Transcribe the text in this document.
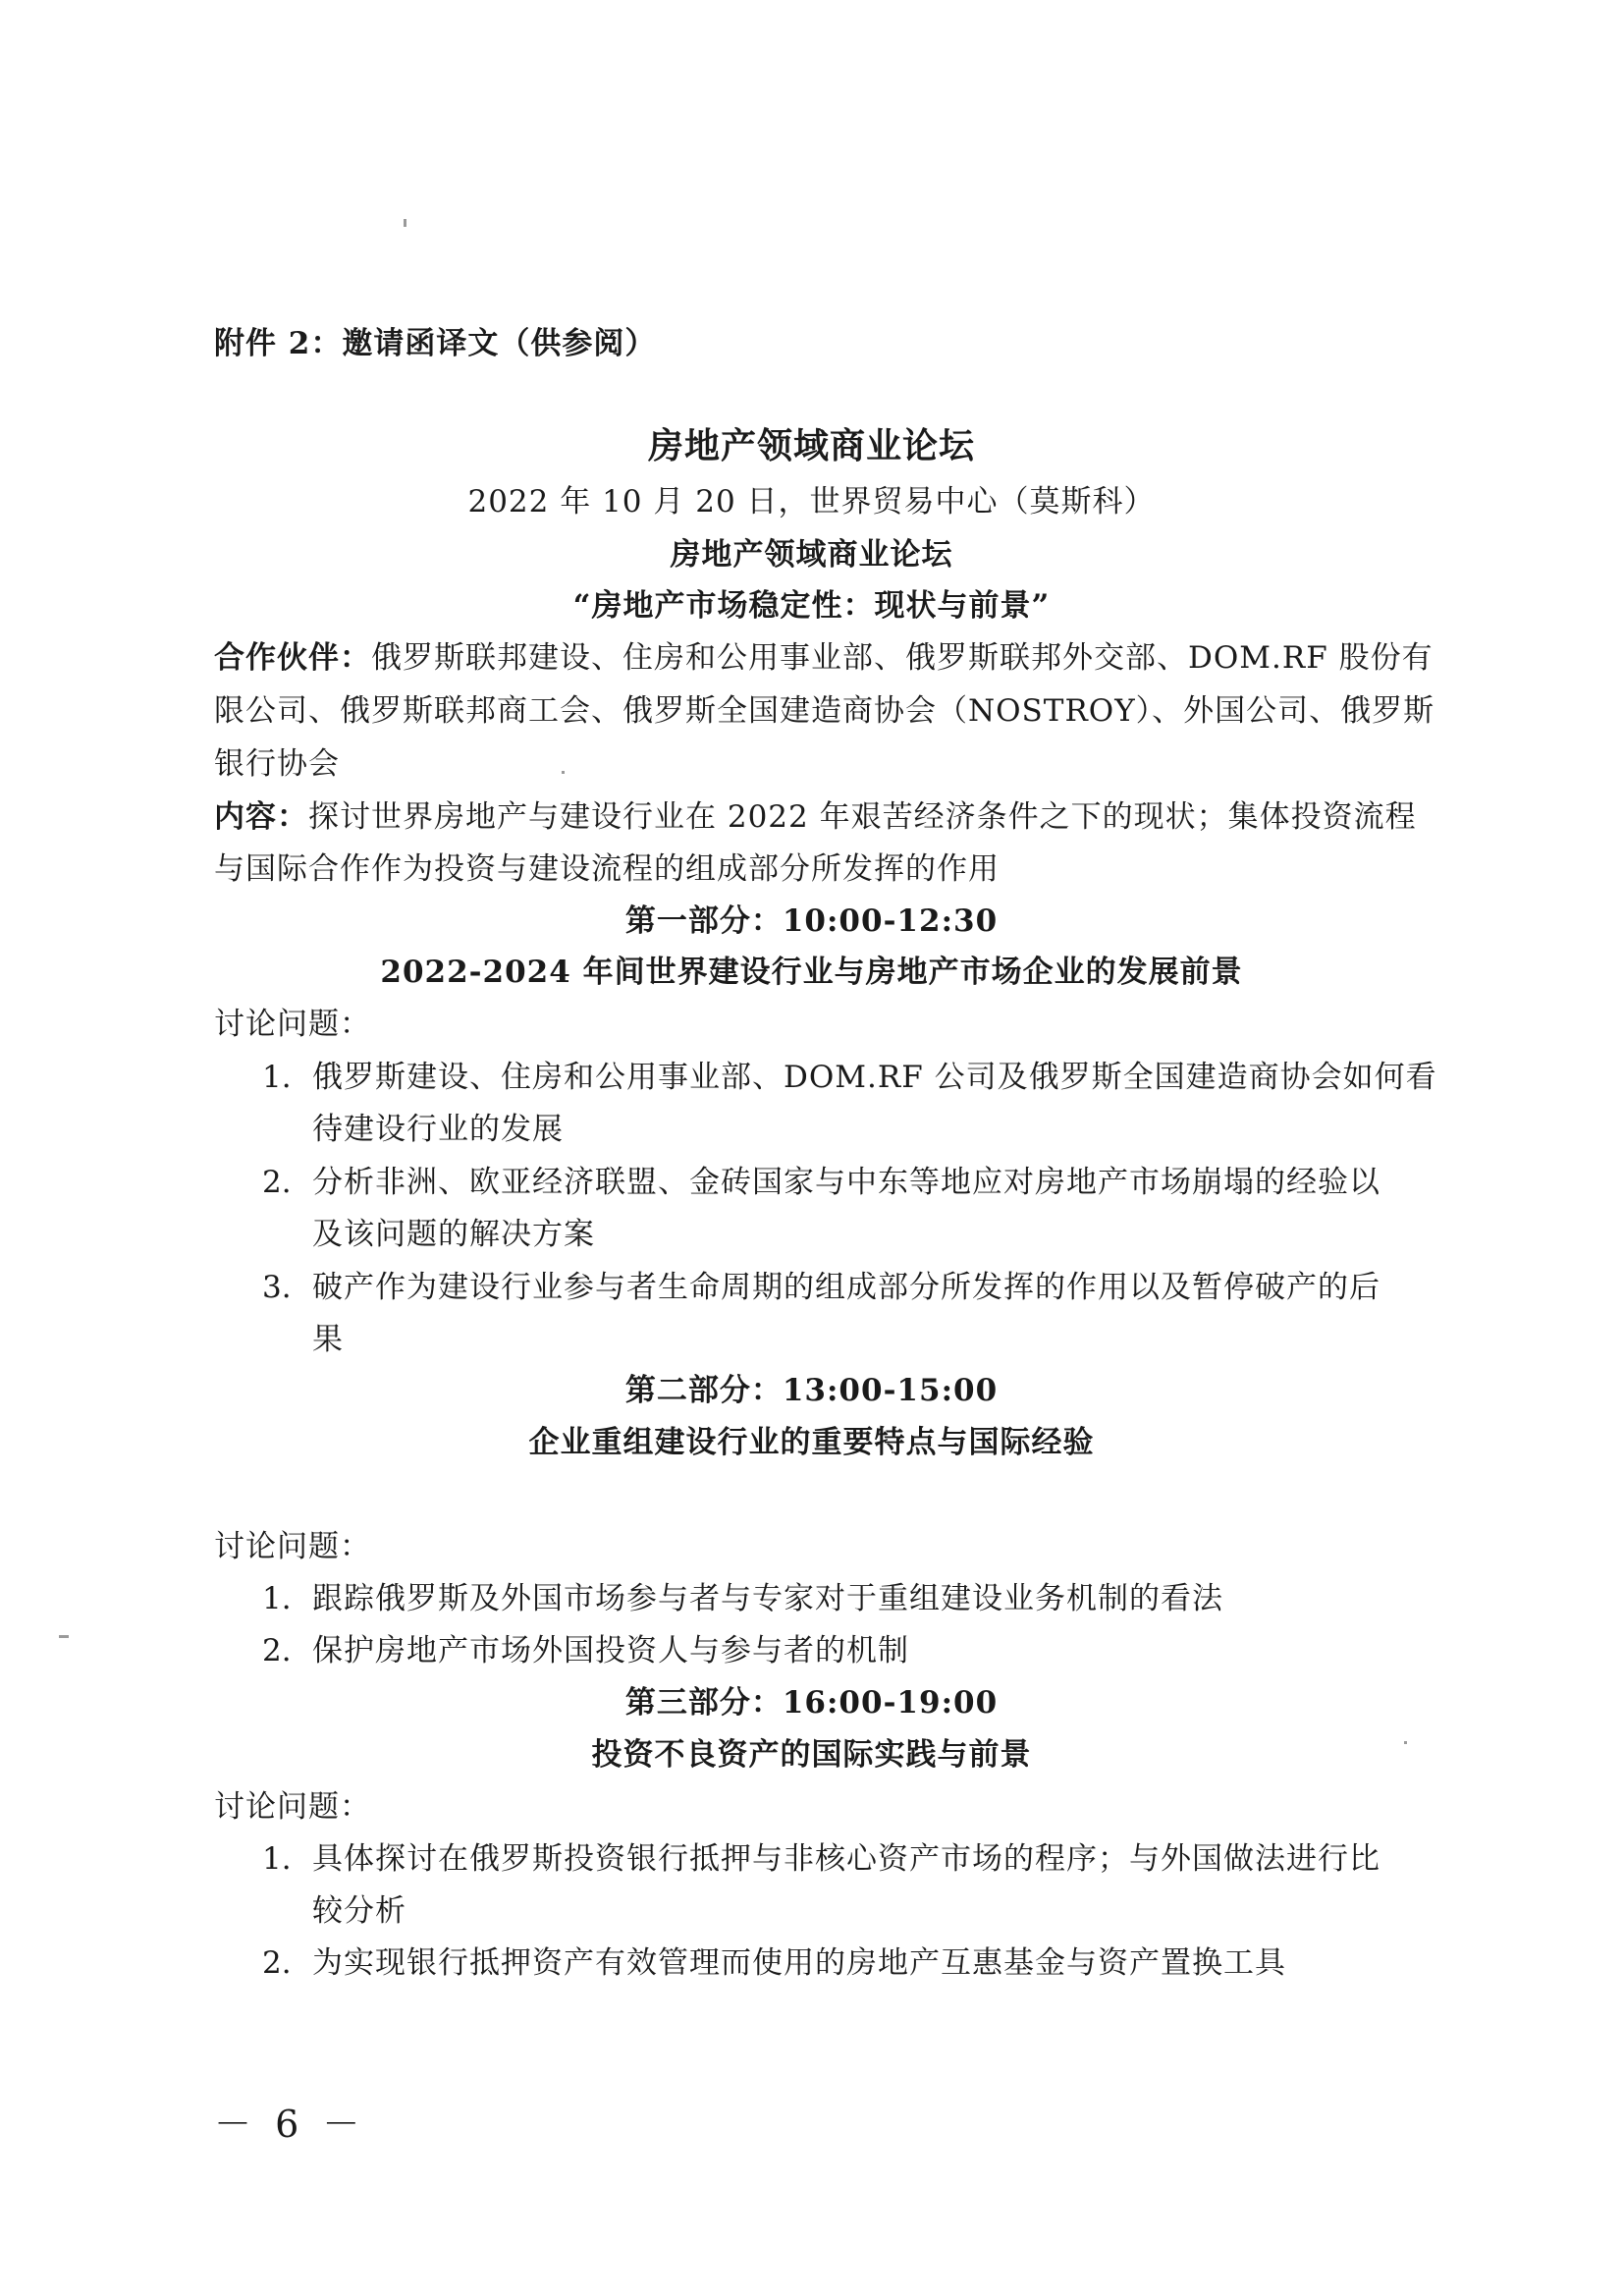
附件 2：邀请函译文（供参阅）
房地产领域商业论坛
2022 年 10 月 20 日，世界贸易中心（莫斯科）
房地产领域商业论坛
“房地产市场稳定性：现状与前景”
合作伙伴：俄罗斯联邦建设、住房和公用事业部、俄罗斯联邦外交部、DOM.RF 股份有
限公司、俄罗斯联邦商工会、俄罗斯全国建造商协会（NOSTROY）、外国公司、俄罗斯
银行协会
内容：探讨世界房地产与建设行业在 2022 年艰苦经济条件之下的现状；集体投资流程
与国际合作作为投资与建设流程的组成部分所发挥的作用
第一部分：10:00-12:30
2022-2024 年间世界建设行业与房地产市场企业的发展前景
讨论问题：
1. 俄罗斯建设、住房和公用事业部、DOM.RF 公司及俄罗斯全国建造商协会如何看
待建设行业的发展
2. 分析非洲、欧亚经济联盟、金砖国家与中东等地应对房地产市场崩塌的经验以
及该问题的解决方案
3. 破产作为建设行业参与者生命周期的组成部分所发挥的作用以及暂停破产的后
果
第二部分：13:00-15:00
企业重组建设行业的重要特点与国际经验
讨论问题：
1. 跟踪俄罗斯及外国市场参与者与专家对于重组建设业务机制的看法
2. 保护房地产市场外国投资人与参与者的机制
第三部分：16:00-19:00
投资不良资产的国际实践与前景
讨论问题：
1. 具体探讨在俄罗斯投资银行抵押与非核心资产市场的程序；与外国做法进行比
较分析
2. 为实现银行抵押资产有效管理而使用的房地产互惠基金与资产置换工具
－ 6 －
